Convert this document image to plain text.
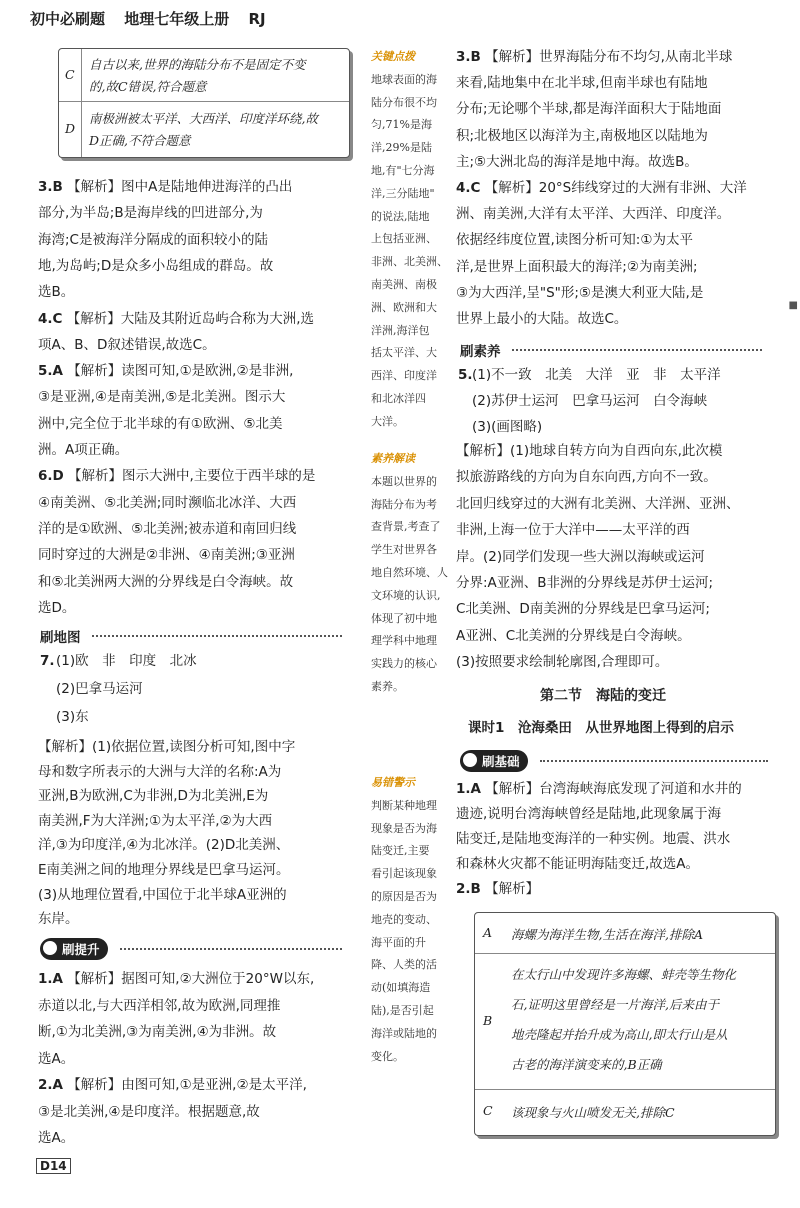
初中必刷题 地理七年级上册 RJ
C
自古以来,世界的海陆分布不是固定不变
的,故C错误,符合题意
D
南极洲被太平洋、大西洋、印度洋环绕,故
D正确,不符合题意
3.B 【解析】图中A是陆地伸进海洋的凸出
部分,为半岛;B是海岸线的凹进部分,为
海湾;C是被海洋分隔成的面积较小的陆
地,为岛屿;D是众多小岛组成的群岛。故
选B。
4.C 【解析】大陆及其附近岛屿合称为大洲,选
项A、B、D叙述错误,故选C。
5.A 【解析】读图可知,①是欧洲,②是非洲,
③是亚洲,④是南美洲,⑤是北美洲。图示大
洲中,完全位于北半球的有①欧洲、⑤北美
洲。A项正确。
6.D 【解析】图示大洲中,主要位于西半球的是
④南美洲、⑤北美洲;同时濒临北冰洋、大西
洋的是①欧洲、⑤北美洲;被赤道和南回归线
同时穿过的大洲是②非洲、④南美洲;③亚洲
和⑤北美洲两大洲的分界线是白令海峡。故
选D。
刷地图
7. (1)欧　非　印度　北冰
(2)巴拿马运河
(3)东
【解析】(1)依据位置,读图分析可知,图中字
母和数字所表示的大洲与大洋的名称:A为
亚洲,B为欧洲,C为非洲,D为北美洲,E为
南美洲,F为大洋洲;①为太平洋,②为大西
洋,③为印度洋,④为北冰洋。(2)D北美洲、
E南美洲之间的地理分界线是巴拿马运河。
(3)从地理位置看,中国位于北半球A亚洲的
东岸。
刷提升
1.A 【解析】据图可知,②大洲位于20°W以东,
赤道以北,与大西洋相邻,故为欧洲,同理推
断,①为北美洲,③为南美洲,④为非洲。故
选A。
2.A 【解析】由图可知,①是亚洲,②是太平洋,
③是北美洲,④是印度洋。根据题意,故
选A。
D14
关键点拨
地球表面的海
陆分布很不均
匀,71%是海
洋,29%是陆
地,有"七分海
洋,三分陆地"
的说法,陆地
上包括亚洲、
非洲、北美洲、
南美洲、南极
洲、欧洲和大
洋洲,海洋包
括太平洋、大
西洋、印度洋
和北冰洋四
大洋。
素养解读
本题以世界的
海陆分布为考
查背景,考查了
学生对世界各
地自然环境、人
文环境的认识,
体现了初中地
理学科中地理
实践力的核心
素养。
易错警示
判断某种地理
现象是否为海
陆变迁,主要
看引起该现象
的原因是否为
地壳的变动、
海平面的升
降、人类的活
动(如填海造
陆),是否引起
海洋或陆地的
变化。
3.B 【解析】世界海陆分布不均匀,从南北半球
来看,陆地集中在北半球,但南半球也有陆地
分布;无论哪个半球,都是海洋面积大于陆地面
积;北极地区以海洋为主,南极地区以陆地为
主;⑤大洲北岛的海洋是地中海。故选B。
4.C 【解析】20°S纬线穿过的大洲有非洲、大洋
洲、南美洲,大洋有太平洋、大西洋、印度洋。
依据经纬度位置,读图分析可知:①为太平
洋,是世界上面积最大的海洋;②为南美洲;
③为大西洋,呈"S"形;⑤是澳大利亚大陆,是
世界上最小的大陆。故选C。
刷素养
5. (1)不一致　北美　大洋　亚　非　太平洋
(2)苏伊士运河　巴拿马运河　白令海峡
(3)(画图略)
【解析】(1)地球自转方向为自西向东,此次模
拟旅游路线的方向为自东向西,方向不一致。
北回归线穿过的大洲有北美洲、大洋洲、亚洲、
非洲,上海一位于大洋中——太平洋的西
岸。(2)同学们发现一些大洲以海峡或运河
分界:A亚洲、B非洲的分界线是苏伊士运河;
C北美洲、D南美洲的分界线是巴拿马运河;
A亚洲、C北美洲的分界线是白令海峡。
(3)按照要求绘制轮廓图,合理即可。
第二节　海陆的变迁
课时1　沧海桑田　从世界地图上得到的启示
刷基础
1.A 【解析】台湾海峡海底发现了河道和水井的
遗迹,说明台湾海峡曾经是陆地,此现象属于海
陆变迁,是陆地变海洋的一种实例。地震、洪水
和森林火灾都不能证明海陆变迁,故选A。
2.B 【解析】
A 海螺为海洋生物,生活在海洋,排除A
B
在太行山中发现许多海螺、蚌壳等生物化
石,证明这里曾经是一片海洋,后来由于
地壳隆起并抬升成为高山,即太行山是从
古老的海洋演变来的,B正确
C 该现象与火山喷发无关,排除C
■
